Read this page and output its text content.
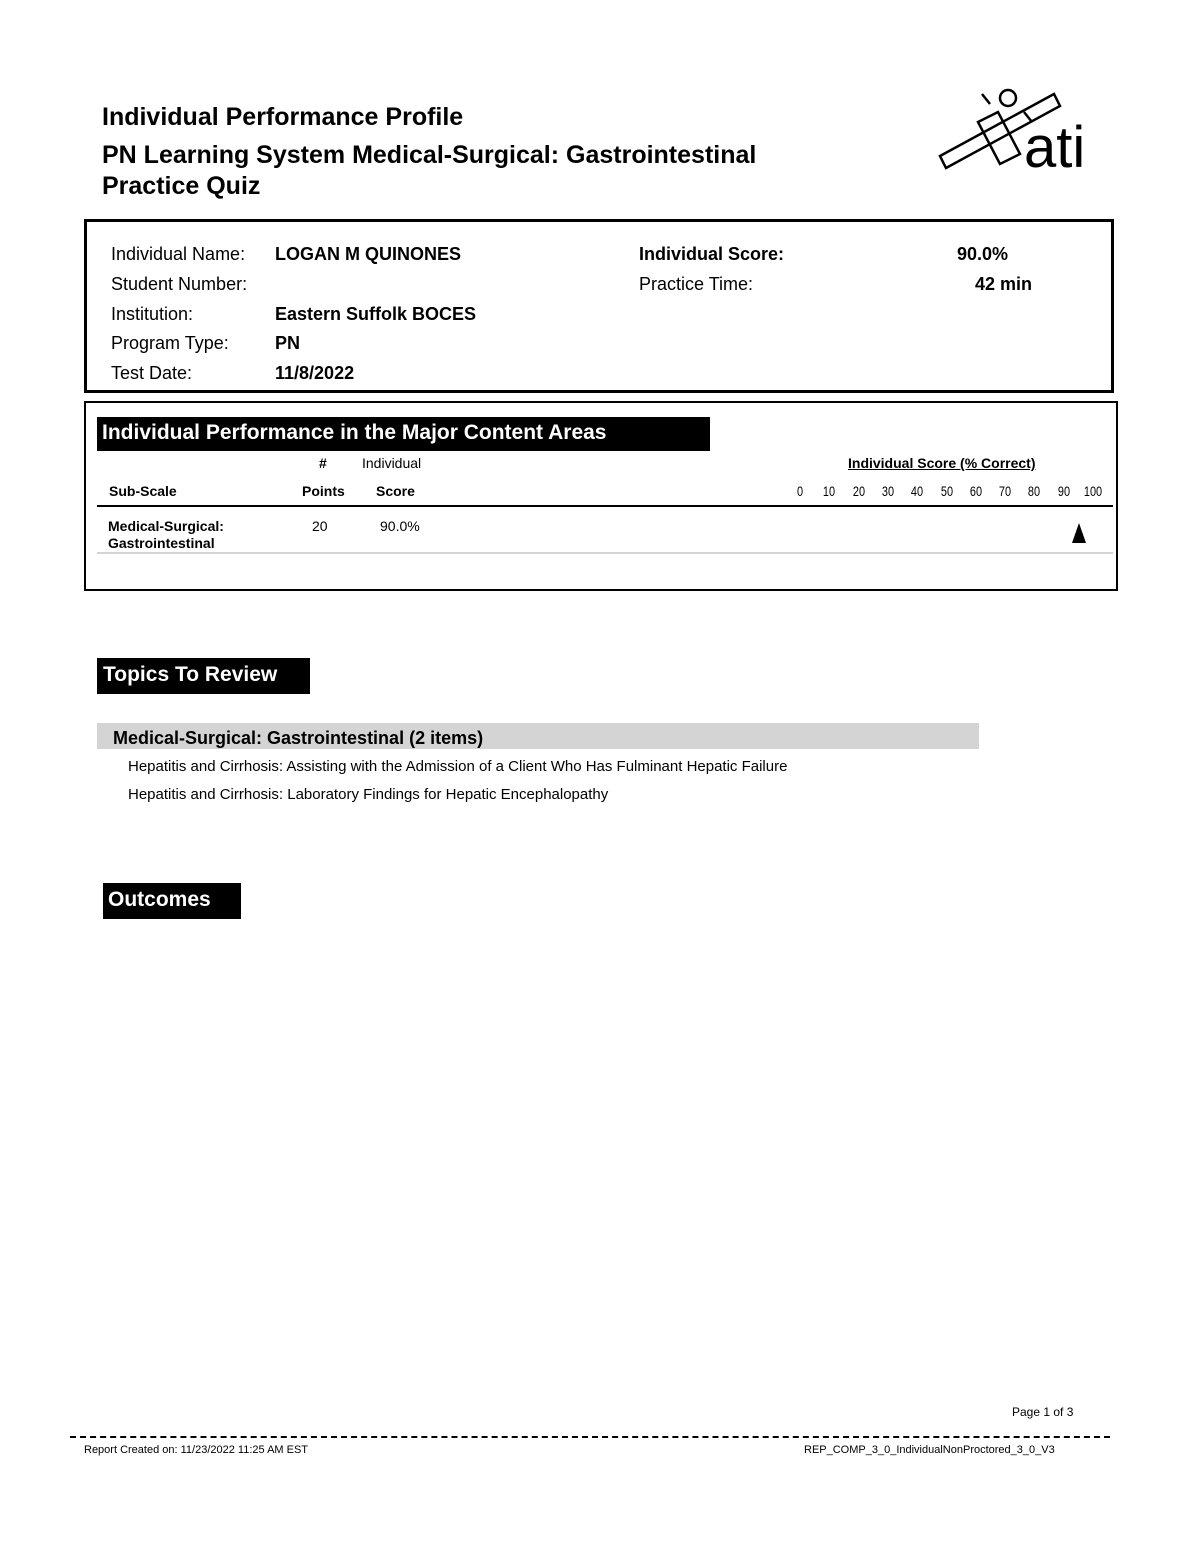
Individual Performance Profile
PN Learning System Medical-Surgical: Gastrointestinal
Practice Quiz
ati
Individual Name: LOGAN M QUINONES	Individual Score:	90.0%
Student Number:	Practice Time:	42 min
Institution:	Eastern Suffolk BOCES
Program Type:	PN
Test Date:	11/8/2022
Individual Performance in the Major Content Areas
#	Individual	Individual Score (% Correct)
Sub-Scale	Points Score	0	10	20	30	40	50	60	70	80	90	100
Medical-Surgical:
Gastrointestinal
20	90.0%
Topics To Review
Medical-Surgical: Gastrointestinal (2 items)
Hepatitis and Cirrhosis: Assisting with the Admission of a Client Who Has Fulminant Hepatic Failure
Hepatitis and Cirrhosis: Laboratory Findings for Hepatic Encephalopathy
Outcomes
Page 1 of 3
Report Created on: 11/23/2022 11:25 AM EST	REP_COMP_3_0_IndividualNonProctored_3_0_V3
